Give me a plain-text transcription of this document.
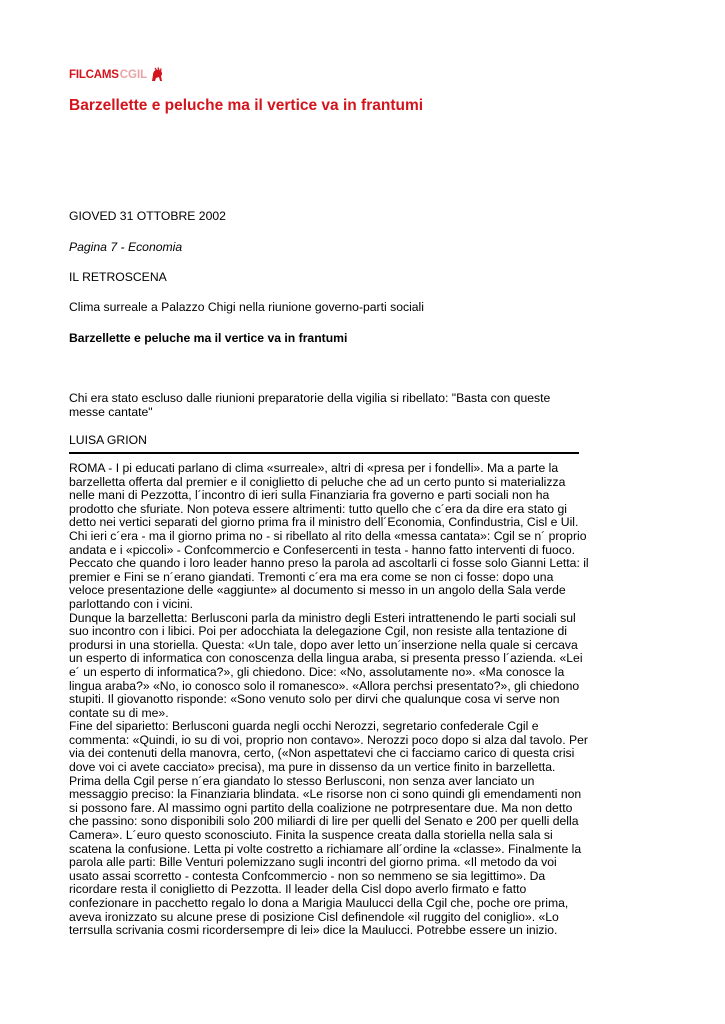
FILCAMS CGIL
Barzellette e peluche ma il vertice va in frantumi

GIOVED 31 OTTOBRE 2002

Pagina 7 - Economia

IL RETROSCENA

Clima surreale a Palazzo Chigi nella riunione governo-parti sociali

Barzellette e peluche ma il vertice va in frantumi

Chi era stato escluso dalle riunioni preparatorie della vigilia si ribellato: "Basta con queste messe cantate"

LUISA GRION

ROMA - I pi educati parlano di clima «surreale», altri di «presa per i fondelli». Ma a parte la barzelletta offerta dal premier e il coniglietto di peluche che ad un certo punto si materializza nelle mani di Pezzotta, l´incontro di ieri sulla Finanziaria fra governo e parti sociali non ha prodotto che sfuriate. Non poteva essere altrimenti: tutto quello che c´era da dire era stato gi detto nei vertici separati del giorno prima fra il ministro dell´Economia, Confindustria, Cisl e Uil. Chi ieri c´era - ma il giorno prima no - si ribellato al rito della «messa cantata»: Cgil se n´ proprio andata e i «piccoli» - Confcommercio e Confesercenti in testa - hanno fatto interventi di fuoco. Peccato che quando i loro leader hanno preso la parola ad ascoltarli ci fosse solo Gianni Letta: il premier e Fini se n´erano giandati. Tremonti c´era ma era come se non ci fosse: dopo una veloce presentazione delle «aggiunte» al documento si messo in un angolo della Sala verde parlottando con i vicini.

Dunque la barzelletta: Berlusconi parla da ministro degli Esteri intrattenendo le parti sociali sul suo incontro con i libici. Poi per adocchiata la delegazione Cgil, non resiste alla tentazione di prodursi in una storiella. Questa: «Un tale, dopo aver letto un´inserzione nella quale si cercava un esperto di informatica con conoscenza della lingua araba, si presenta presso l´azienda. «Lei e´ un esperto di informatica?», gli chiedono. Dice: «No, assolutamente no». «Ma conosce la lingua araba?» «No, io conosco solo il romanesco». «Allora perchsi presentato?», gli chiedono stupiti. Il giovanotto risponde: «Sono venuto solo per dirvi che qualunque cosa vi serve non contate su di me».

Fine del siparietto: Berlusconi guarda negli occhi Nerozzi, segretario confederale Cgil e commenta: «Quindi, io su di voi, proprio non contavo». Nerozzi poco dopo si alza dal tavolo. Per via dei contenuti della manovra, certo, («Non aspettatevi che ci facciamo carico di questa crisi dove voi ci avete cacciato» precisa), ma pure in dissenso da un vertice finito in barzelletta.

Prima della Cgil perse n´era giandato lo stesso Berlusconi, non senza aver lanciato un messaggio preciso: la Finanziaria blindata. «Le risorse non ci sono quindi gli emendamenti non si possono fare. Al massimo ogni partito della coalizione ne potrpresentare due. Ma non detto che passino: sono disponibili solo 200 miliardi di lire per quelli del Senato e 200 per quelli della Camera». L´euro questo sconosciuto. Finita la suspence creata dalla storiella nella sala si scatena la confusione. Letta pi volte costretto a richiamare all´ordine la «classe». Finalmente la parola alle parti: Bille Venturi polemizzano sugli incontri del giorno prima. «Il metodo da voi usato assai scorretto - contesta Confcommercio - non so nemmeno se sia legittimo». Da ricordare resta il coniglietto di Pezzotta. Il leader della Cisl dopo averlo firmato e fatto confezionare in pacchetto regalo lo dona a Marigia Maulucci della Cgil che, poche ore prima, aveva ironizzato su alcune prese di posizione Cisl definendole «il ruggito del coniglio». «Lo terrsulla scrivania cosmi ricordersempre di lei» dice la Maulucci. Potrebbe essere un inizio.
